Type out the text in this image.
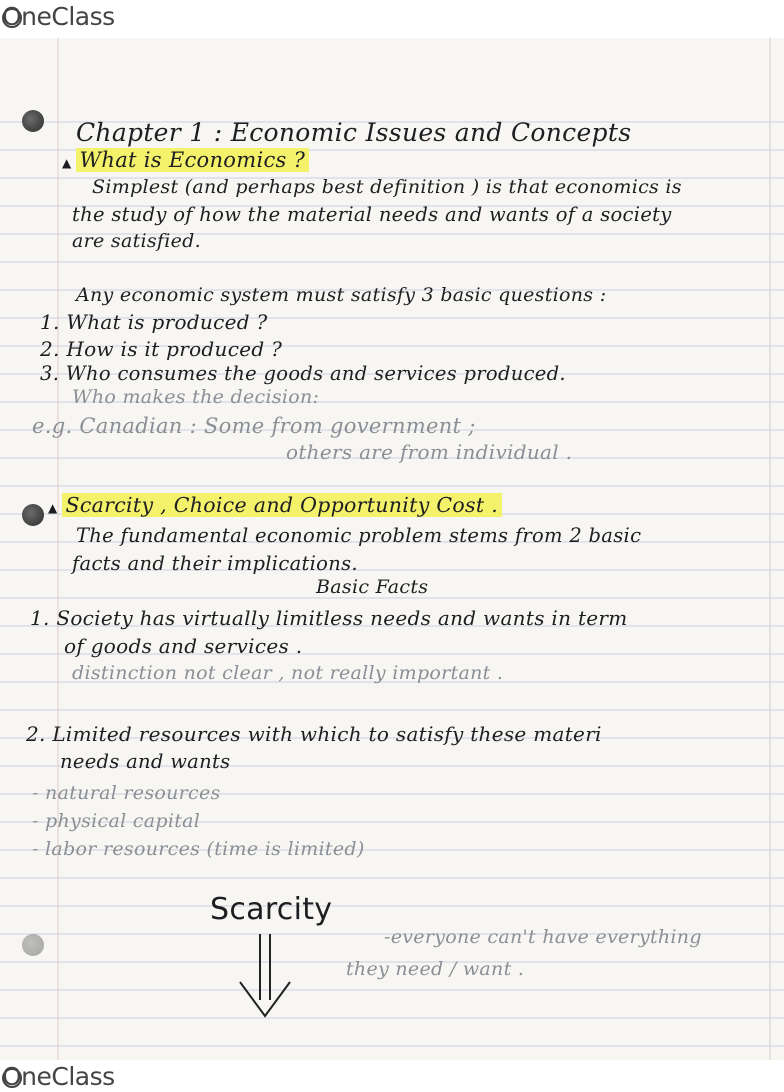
OneClass
Chapter 1 : Economic Issues and Concepts
▲ What is Economics ?
Simplest (and perhaps best definition ) is that economics is
the study of how the material needs and wants of a society
are satisfied.
Any economic system must satisfy 3 basic questions :
1. What is produced ?
2. How is it produced ?
3. Who consumes the goods and services produced.
Who makes the decision:
e.g. Canadian : Some from government ;
others are from individual .
▲ Scarcity , Choice and Opportunity Cost .
The fundamental economic problem stems from 2 basic
facts and their implications.
Basic Facts
1. Society has virtually limitless needs and wants in term
of goods and services .
distinction not clear , not really important .
2. Limited resources with which to satisfy these materi
needs and wants
- natural resources
- physical capital
- labor resources (time is limited)
Scarcity
-everyone can't have everything
they need / want .
OneClass
